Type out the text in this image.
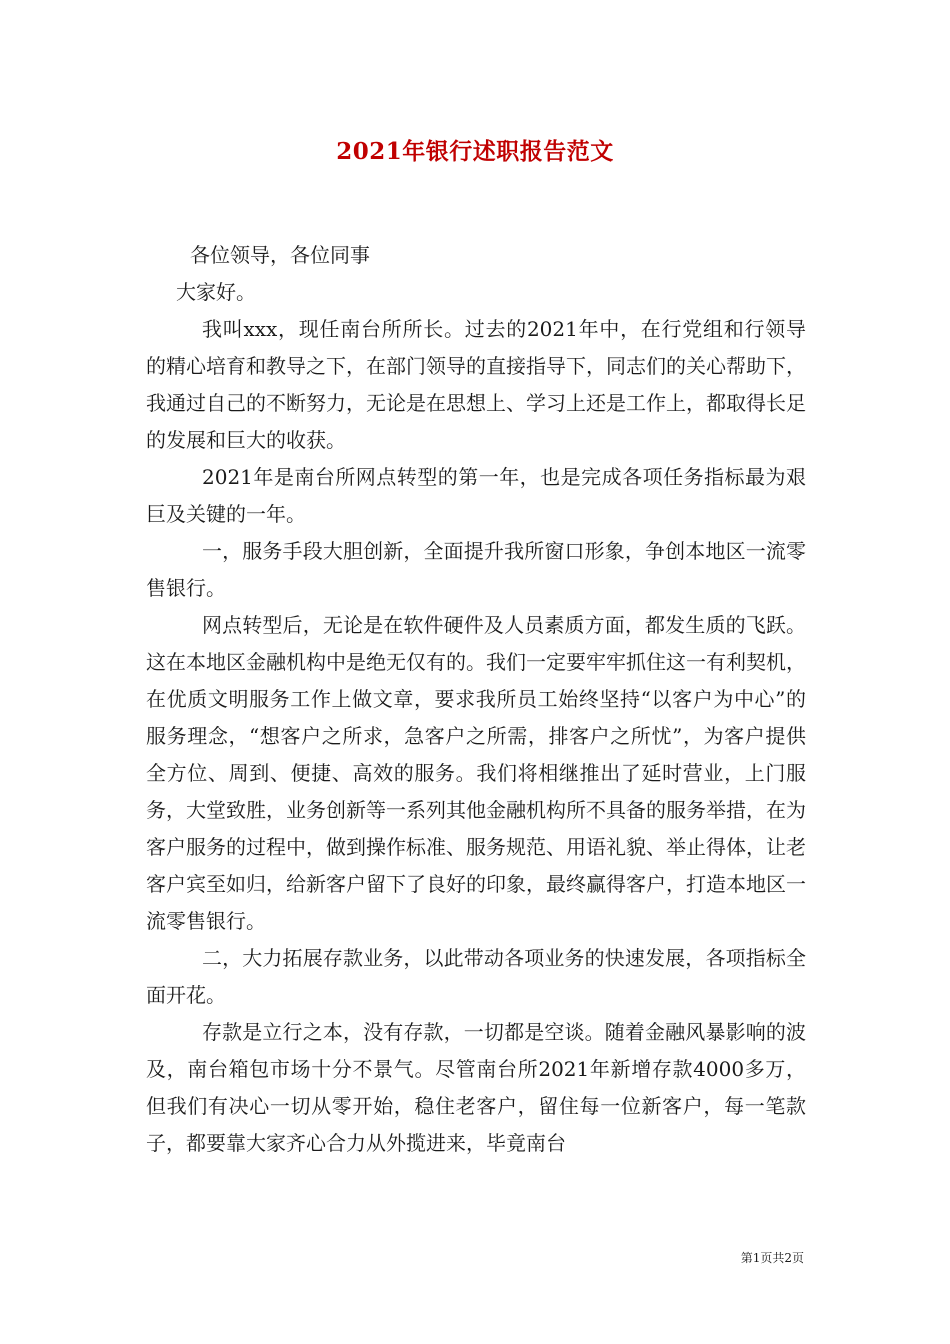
2021年银行述职报告范文

各位领导，各位同事

大家好。

我叫xxx，现任南台所所长。过去的2021年中，在行党组和行领导的精心培育和教导之下，在部门领导的直接指导下，同志们的关心帮助下，我通过自己的不断努力，无论是在思想上、学习上还是工作上，都取得长足的发展和巨大的收获。

2021年是南台所网点转型的第一年，也是完成各项任务指标最为艰巨及关键的一年。

一，服务手段大胆创新，全面提升我所窗口形象，争创本地区一流零售银行。

网点转型后，无论是在软件硬件及人员素质方面，都发生质的飞跃。这在本地区金融机构中是绝无仅有的。我们一定要牢牢抓住这一有利契机，在优质文明服务工作上做文章，要求我所员工始终坚持“以客户为中心”的服务理念，“想客户之所求，急客户之所需，排客户之所忧”，为客户提供全方位、周到、便捷、高效的服务。我们将相继推出了延时营业，上门服务，大堂致胜，业务创新等一系列其他金融机构所不具备的服务举措，在为客户服务的过程中，做到操作标准、服务规范、用语礼貌、举止得体，让老客户宾至如归，给新客户留下了良好的印象，最终赢得客户，打造本地区一流零售银行。

二，大力拓展存款业务，以此带动各项业务的快速发展，各项指标全面开花。

存款是立行之本，没有存款，一切都是空谈。随着金融风暴影响的波及，南台箱包市场十分不景气。尽管南台所2021年新增存款4000多万，但我们有决心一切从零开始，稳住老客户，留住每一位新客户，每一笔款子，都要靠大家齐心合力从外揽进来，毕竟南台

第1页共2页
